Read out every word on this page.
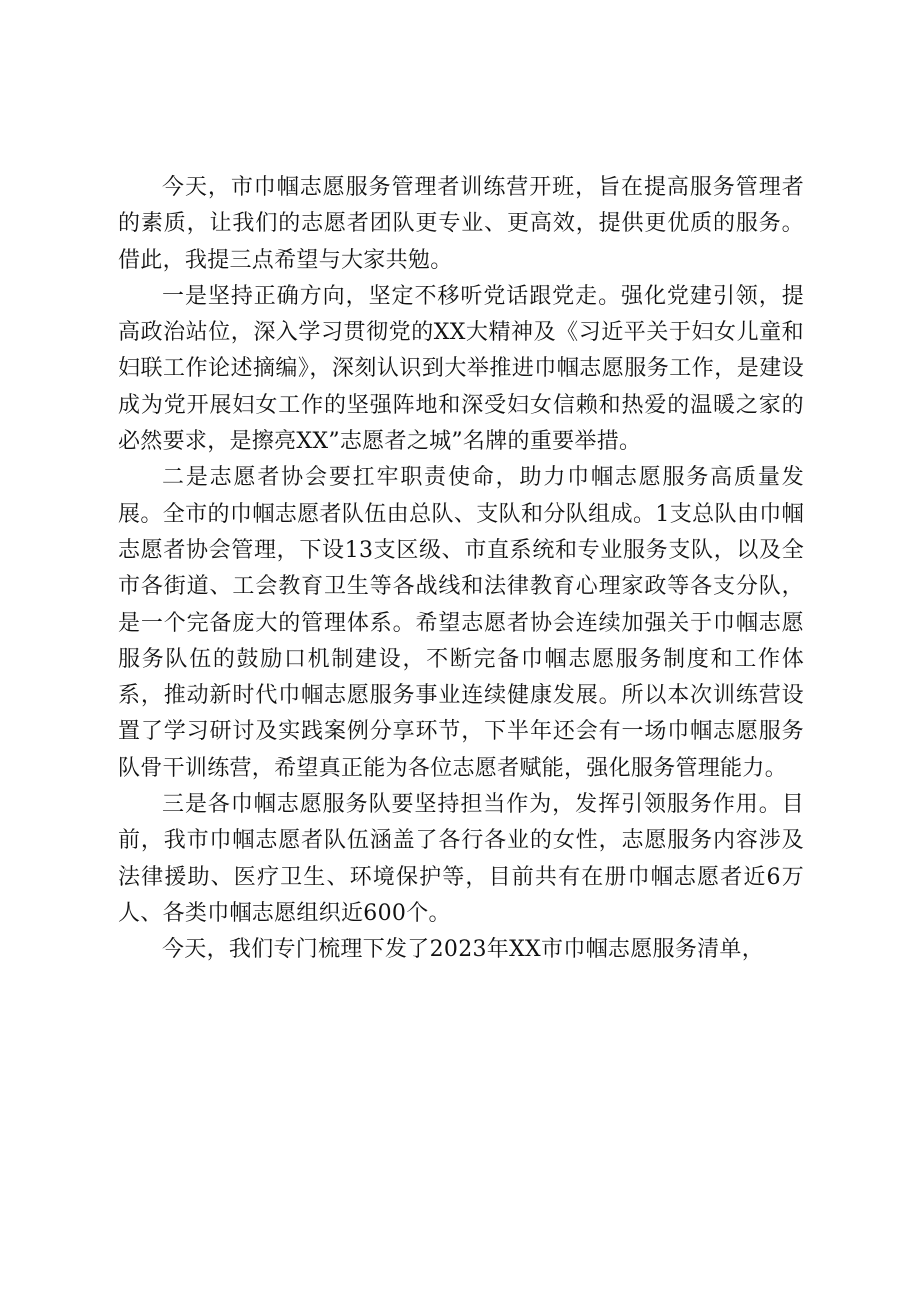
今天，市巾帼志愿服务管理者训练营开班，旨在提高服务管理者的素质，让我们的志愿者团队更专业、更高效，提供更优质的服务。借此，我提三点希望与大家共勉。

一是坚持正确方向，坚定不移听党话跟党走。强化党建引领，提高政治站位，深入学习贯彻党的XX大精神及《习近平关于妇女儿童和妇联工作论述摘编》，深刻认识到大举推进巾帼志愿服务工作，是建设成为党开展妇女工作的坚强阵地和深受妇女信赖和热爱的温暖之家的必然要求，是擦亮XX”志愿者之城”名牌的重要举措。

二是志愿者协会要扛牢职责使命，助力巾帼志愿服务高质量发展。全市的巾帼志愿者队伍由总队、支队和分队组成。1支总队由巾帼志愿者协会管理，下设13支区级、市直系统和专业服务支队，以及全市各街道、工会教育卫生等各战线和法律教育心理家政等各支分队，是一个完备庞大的管理体系。希望志愿者协会连续加强关于巾帼志愿服务队伍的鼓励口机制建设，不断完备巾帼志愿服务制度和工作体系，推动新时代巾帼志愿服务事业连续健康发展。所以本次训练营设置了学习研讨及实践案例分享环节，下半年还会有一场巾帼志愿服务队骨干训练营，希望真正能为各位志愿者赋能，强化服务管理能力。

三是各巾帼志愿服务队要坚持担当作为，发挥引领服务作用。目前，我市巾帼志愿者队伍涵盖了各行各业的女性，志愿服务内容涉及法律援助、医疗卫生、环境保护等，目前共有在册巾帼志愿者近6万人、各类巾帼志愿组织近600个。

今天，我们专门梳理下发了2023年XX市巾帼志愿服务清单，
